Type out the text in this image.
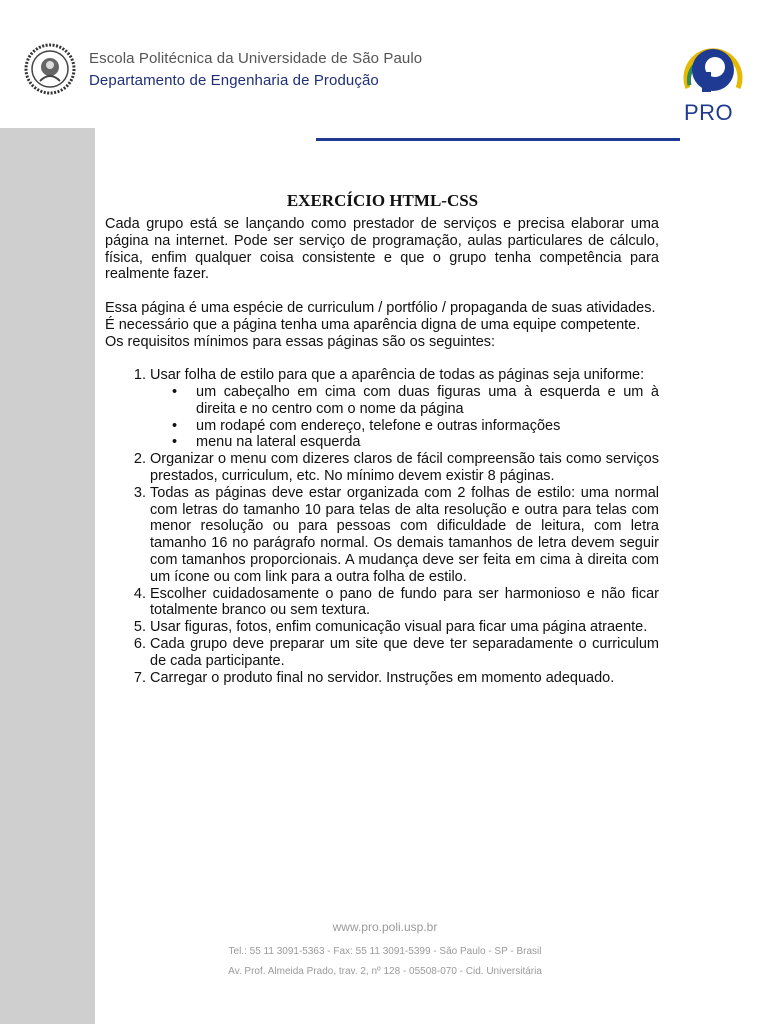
Escola Politécnica da Universidade de São Paulo
Departamento de Engenharia de Produção
PRO
EXERCÍCIO HTML-CSS

Cada grupo está se lançando como prestador de serviços e precisa elaborar uma página na internet. Pode ser serviço de programação, aulas particulares de cálculo, física, enfim qualquer coisa consistente e que o grupo tenha competência para realmente fazer.

Essa página é uma espécie de curriculum / portfólio / propaganda de suas atividades.

É necessário que a página tenha uma aparência digna de uma equipe competente.

Os requisitos mínimos para essas páginas são os seguintes:

1. Usar folha de estilo para que a aparência de todas as páginas seja uniforme:
• um cabeçalho em cima com duas figuras uma à esquerda e um à direita e no centro com o nome da página
• um rodapé com endereço, telefone e outras informações
• menu na lateral esquerda
2. Organizar o menu com dizeres claros de fácil compreensão tais como serviços prestados, curriculum, etc. No mínimo devem existir 8 páginas.
3. Todas as páginas deve estar organizada com 2 folhas de estilo: uma normal com letras do tamanho 10 para telas de alta resolução e outra para telas com menor resolução ou para pessoas com dificuldade de leitura, com letra tamanho 16 no parágrafo normal. Os demais tamanhos de letra devem seguir com tamanhos proporcionais. A mudança deve ser feita em cima à direita com um ícone ou com link para a outra folha de estilo.
4. Escolher cuidadosamente o pano de fundo para ser harmonioso e não ficar totalmente branco ou sem textura.
5. Usar figuras, fotos, enfim comunicação visual para ficar uma página atraente.
6. Cada grupo deve preparar um site que deve ter separadamente o curriculum de cada participante.
7. Carregar o produto final no servidor. Instruções em momento adequado.
www.pro.poli.usp.br
Tel.: 55 11 3091-5363 - Fax: 55 11 3091-5399 - São Paulo - SP - Brasil
Av. Prof. Almeida Prado, trav. 2, nº 128 - 05508-070 - Cid. Universitária
